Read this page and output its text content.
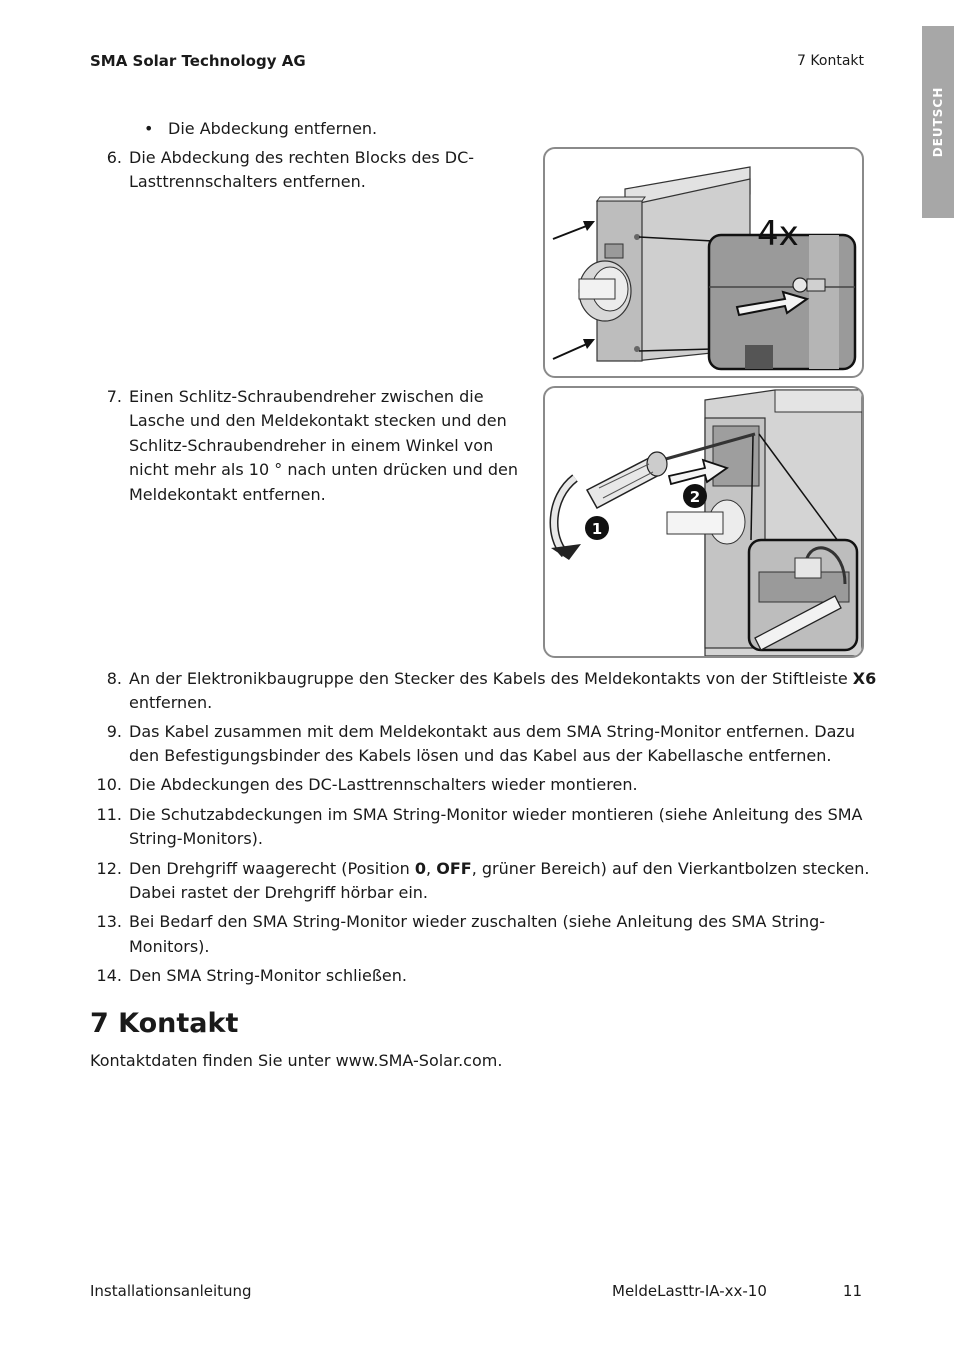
SMA Solar Technology AG	7 Kontakt
DEUTSCH
• Die Abdeckung entfernen.
6. Die Abdeckung des rechten Blocks des DC-
Lasttrennschalters entfernen.
4x
7. Einen Schlitz-Schraubendreher zwischen die
Lasche und den Meldekontakt stecken und den
Schlitz-Schraubendreher in einem Winkel von
nicht mehr als 10 ° nach unten drücken und den
Meldekontakt entfernen.
1
2
8. An der Elektronikbaugruppe den Stecker des Kabels des Meldekontakts von der Stiftleiste X6
entfernen.
9. Das Kabel zusammen mit dem Meldekontakt aus dem SMA String-Monitor entfernen. Dazu
den Befestigungsbinder des Kabels lösen und das Kabel aus der Kabellasche entfernen.
10. Die Abdeckungen des DC-Lasttrennschalters wieder montieren.
11. Die Schutzabdeckungen im SMA String-Monitor wieder montieren (siehe Anleitung des SMA
String-Monitors).
12. Den Drehgriff waagerecht (Position 0, OFF, grüner Bereich) auf den Vierkantbolzen stecken.
Dabei rastet der Drehgriff hörbar ein.
13. Bei Bedarf den SMA String-Monitor wieder zuschalten (siehe Anleitung des SMA String-
Monitors).
14. Den SMA String-Monitor schließen.
7 Kontakt
Kontaktdaten finden Sie unter www.SMA-Solar.com.
Installationsanleitung	MeldeLasttr-IA-xx-10	11
